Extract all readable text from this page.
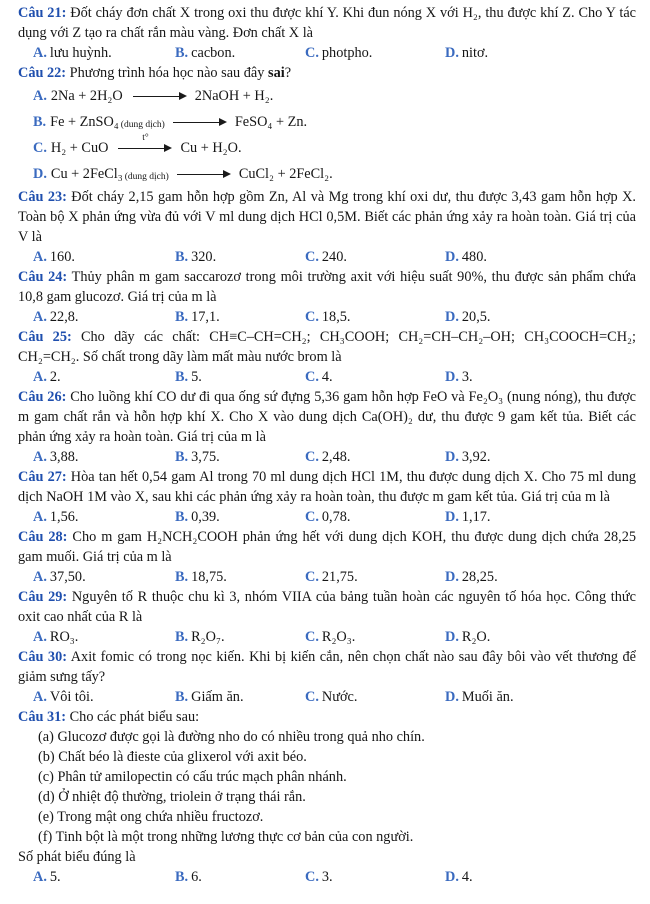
Câu 21: Đốt cháy đơn chất X trong oxi thu được khí Y. Khi đun nóng X với H₂, thu được khí Z. Cho Y tác dụng với Z tạo ra chất rắn màu vàng. Đơn chất X là

A. lưu huỳnh.	B. cacbon.	C. photpho.	D. nitơ.

Câu 22: Phương trình hóa học nào sau đây sai?

A. 2Na + 2H₂O	2NaOH + H₂.
B. Fe + ZnSO₄ (dung dịch)	FeSO₄ + Zn.
C. H₂ + CuO
t°
Cu + H₂O.
D. Cu + 2FeCl₃ (dung dịch)	CuCl₂ + 2FeCl₂.

Câu 23: Đốt cháy 2,15 gam hỗn hợp gồm Zn, Al và Mg trong khí oxi dư, thu được 3,43 gam hỗn hợp X. Toàn bộ X phản ứng vừa đủ với V ml dung dịch HCl 0,5M. Biết các phản ứng xảy ra hoàn toàn. Giá trị của V là

A. 160.	B. 320.	C. 240.	D. 480.

Câu 24: Thủy phân m gam saccarozơ trong môi trường axit với hiệu suất 90%, thu được sản phẩm chứa 10,8 gam glucozơ. Giá trị của m là

A. 22,8.	B. 17,1.	C. 18,5.	D. 20,5.

Câu 25: Cho dãy các chất: CH≡C–CH=CH₂; CH₃COOH; CH₂=CH–CH₂–OH; CH₃COOCH=CH₂; CH₂=CH₂. Số chất trong dãy làm mất màu nước brom là

A. 2.	B. 5.	C. 4.	D. 3.

Câu 26: Cho luồng khí CO dư đi qua ống sứ đựng 5,36 gam hỗn hợp FeO và Fe₂O₃ (nung nóng), thu được m gam chất rắn và hỗn hợp khí X. Cho X vào dung dịch Ca(OH)₂ dư, thu được 9 gam kết tủa. Biết các phản ứng xảy ra hoàn toàn. Giá trị của m là

A. 3,88.	B. 3,75.	C. 2,48.	D. 3,92.

Câu 27: Hòa tan hết 0,54 gam Al trong 70 ml dung dịch HCl 1M, thu được dung dịch X. Cho 75 ml dung dịch NaOH 1M vào X, sau khi các phản ứng xảy ra hoàn toàn, thu được m gam kết tủa. Giá trị của m là

A. 1,56.	B. 0,39.	C. 0,78.	D. 1,17.

Câu 28: Cho m gam H₂NCH₂COOH phản ứng hết với dung dịch KOH, thu được dung dịch chứa 28,25 gam muối. Giá trị của m là

A. 37,50.	B. 18,75.	C. 21,75.	D. 28,25.

Câu 29: Nguyên tố R thuộc chu kì 3, nhóm VIIA của bảng tuần hoàn các nguyên tố hóa học. Công thức oxit cao nhất của R là

A. RO₃.	B. R₂O₇.	C. R₂O₃.	D. R₂O.

Câu 30: Axit fomic có trong nọc kiến. Khi bị kiến cắn, nên chọn chất nào sau đây bôi vào vết thương để giảm sưng tấy?

A. Vôi tôi.	B. Giấm ăn.	C. Nước.	D. Muối ăn.

Câu 31: Cho các phát biểu sau:

(a) Glucozơ được gọi là đường nho do có nhiều trong quả nho chín.
(b) Chất béo là đieste của glixerol với axit béo.
(c) Phân tử amilopectin có cấu trúc mạch phân nhánh.
(d) Ở nhiệt độ thường, triolein ở trạng thái rắn.
(e) Trong mật ong chứa nhiều fructozơ.
(f) Tinh bột là một trong những lương thực cơ bản của con người.
Số phát biểu đúng là
A. 5.	B. 6.	C. 3.	D. 4.
